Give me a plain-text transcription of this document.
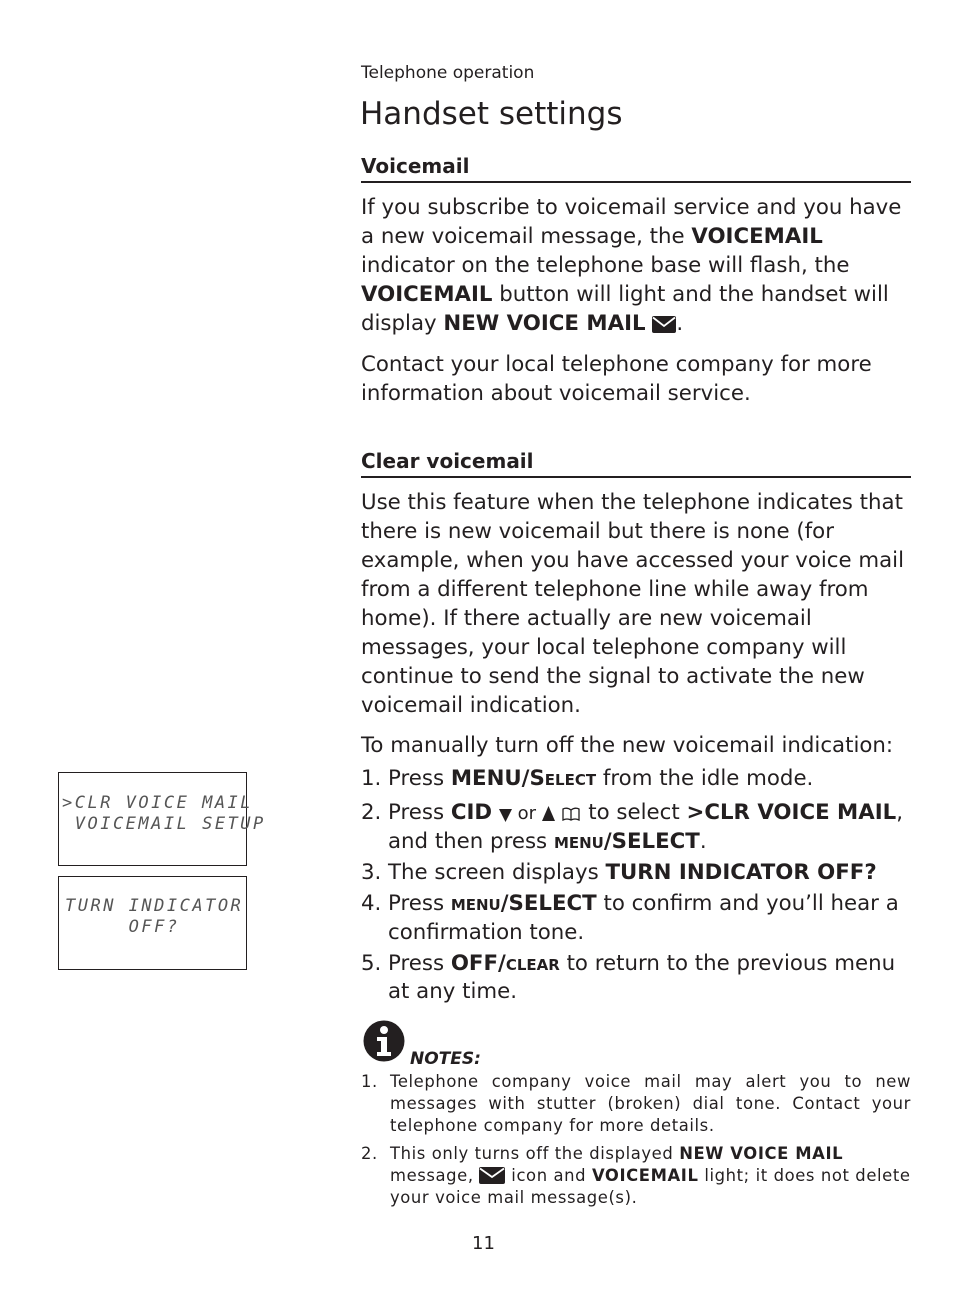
Telephone operation
Handset settings
Voicemail

If you subscribe to voicemail service and you have a new voicemail message, the VOICEMAIL indicator on the telephone base will flash, the VOICEMAIL button will light and the handset will display NEW VOICE MAIL .

Contact your local telephone company for more information about voicemail service.

Clear voicemail

Use this feature when the telephone indicates that there is new voicemail but there is none (for example, when you have accessed your voice mail from a different telephone line while away from home). If there actually are new voicemail messages, your local telephone company will continue to send the signal to activate the new voicemail indication.

To manually turn off the new voicemail indication:

1. Press MENU/Select from the idle mode.
2. Press CID  or   to select >CLR VOICE MAIL, and then press menu/SELECT.
3. The screen displays TURN INDICATOR OFF?
4. Press menu/SELECT to confirm and you’ll hear a confirmation tone.
5. Press OFF/clear to return to the previous menu at any time.
>CLR VOICE MAIL
VOICEMAIL SETUP
TURN INDICATOR
OFF?
NOTES:
1. Telephone company voice mail may alert you to new messages with stutter (broken) dial tone. Contact your telephone company for more details.
2. This only turns off the displayed NEW VOICE MAIL message,  icon and VOICEMAIL light; it does not delete your voice mail message(s).
11
